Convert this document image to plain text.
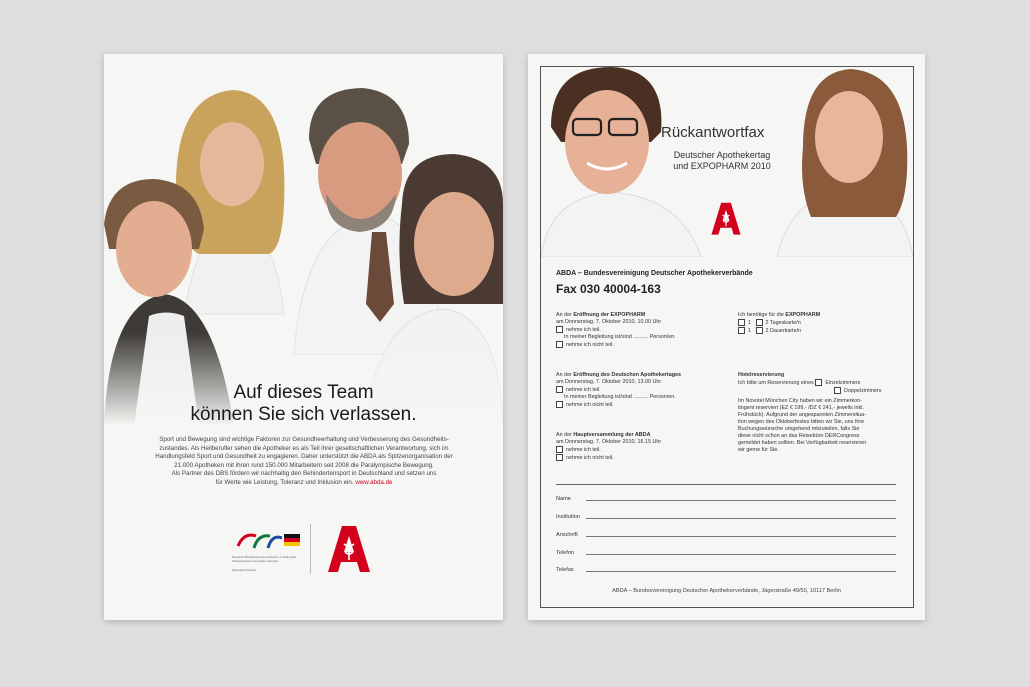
Auf dieses Team
können Sie sich verlassen.
Sport und Bewegung sind wichtige Faktoren zur Gesundheerhaltung und Verbesserung des Gesundheits-
zustandes. Als Heilberufler sehen die Apotheker es als Teil ihrer gesellschaftlichen Verantwortung, sich im
Handlungsfeld Sport und Gesundheit zu engagieren. Daher unterstützt die ABDA als Spitzenorganisation der
21.000 Apotheken mit ihren rund 150.000 Mitarbeitern seit 2008 die Paralympische Bewegung.
Als Partner des DBS fördern wir nachhaltig den Behindertensport in Deutschland und setzen uns
für Werte wie Leistung, Toleranz und Inklusion ein. www.abda.de
Deutscher Behindertensportverband e.V. Nationales Paralympisches Committee Germany
Nationaler Förderer
Rückantwortfax
Deutscher Apothekertag
und EXPOPHARM 2010
ABDA – Bundesvereinigung Deutscher Apothekerverbände
Fax 030 40004-163
An der Eröffnung der EXPOPHARM
am Donnerstag, 7. Oktober 2010, 10.00 Uhr
nehme ich teil.
In meiner Begleitung ist/sind .......... Person/en.
nehme ich nicht teil.
An der Eröffnung des Deutschen Apothekertages
am Donnerstag, 7. Oktober 2010, 13.00 Uhr
nehme ich teil.
In meiner Begleitung ist/sind .......... Person/en.
nehme ich nicht teil.
An der Hauptversammlung der ABDA
am Donnerstag, 7. Oktober 2010, 16.15 Uhr
nehme ich teil.
nehme ich nicht teil.
Ich benötige für die EXPOPHARM
1	2 Tageskarte/n
1	2 Dauerkarte/n
Hotelreservierung
Ich bitte um Reservierung eines Einzelzimmers
Doppelzimmers
Im Novotel München City haben wir ein Zimmerkon-
tingent reserviert (EZ € 199,- /DZ € 241,- jeweils inkl.
Frühstück). Aufgrund der angespannten Zimmersitua-
tion wegen des Oktoberfestes bitten wir Sie, uns Ihre
Buchungswünsche umgehend mitzuteilen, falls Sie
diese nicht schon an das Reisebüro DERCongress
gemeldet haben sollten. Bei Verfügbarkeit reservieren
wir gerne für Sie.
Name
Institution
Anschrift
Telefon
Telefax
ABDA – Bundesvereinigung Deutscher Apothekerverbände, Jägerstraße 49/50, 10117 Berlin
